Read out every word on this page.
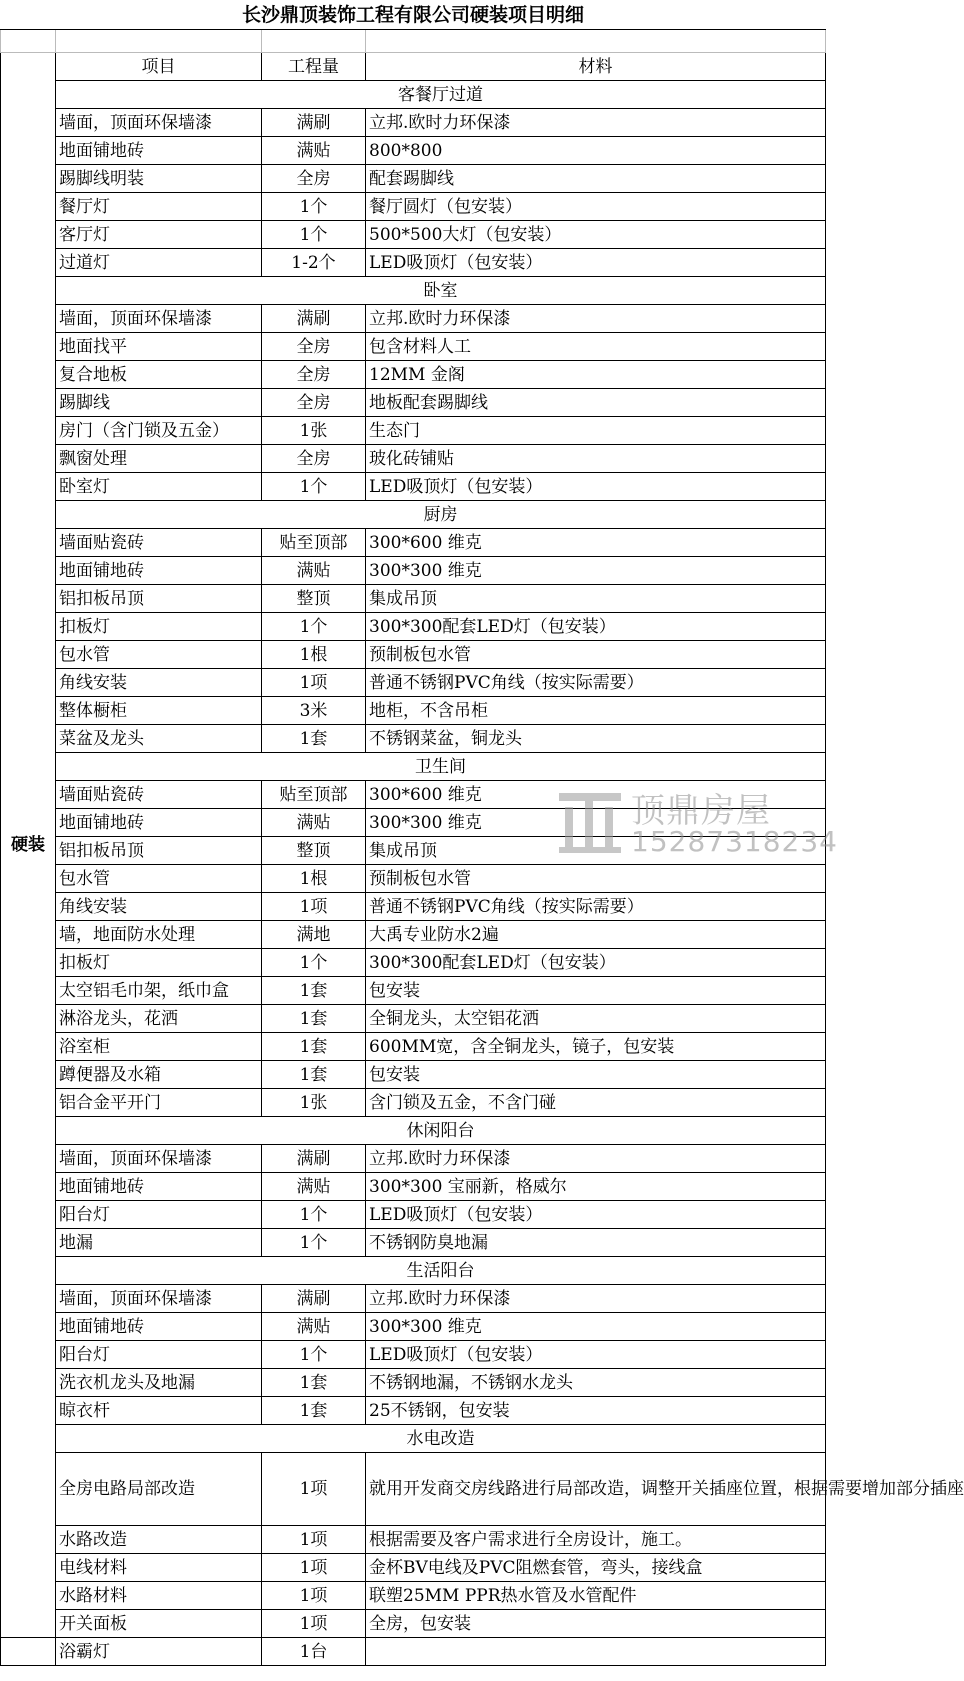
长沙鼎顶装饰工程有限公司硬装项目明细			

硬装	项目	工程量	材料
	客餐厅过道		
	墙面，顶面环保墙漆	满刷	立邦.欧时力环保漆
	地面铺地砖	满贴	800*800
	踢脚线明装	全房	配套踢脚线
	餐厅灯	1个	餐厅圆灯（包安装）
	客厅灯	1个	500*500大灯（包安装）
	过道灯	1-2个	LED吸顶灯（包安装）
	卧室		
	墙面，顶面环保墙漆	满刷	立邦.欧时力环保漆
	地面找平	全房	包含材料人工
	复合地板	全房	12MM 金阁
	踢脚线	全房	地板配套踢脚线
	房门（含门锁及五金）	1张	生态门
	飘窗处理	全房	玻化砖铺贴
	卧室灯	1个	LED吸顶灯（包安装）
	厨房		
	墙面贴瓷砖	贴至顶部	300*600 维克
	地面铺地砖	满贴	300*300 维克
	铝扣板吊顶	整顶	集成吊顶
	扣板灯	1个	300*300配套LED灯（包安装）
	包水管	1根	预制板包水管
	角线安装	1项	普通不锈钢PVC角线（按实际需要）
	整体橱柜	3米	地柜，不含吊柜
	菜盆及龙头	1套	不锈钢菜盆，铜龙头
	卫生间		
	墙面贴瓷砖	贴至顶部	300*600 维克
	地面铺地砖	满贴	300*300 维克
	铝扣板吊顶	整顶	集成吊顶
	包水管	1根	预制板包水管
	角线安装	1项	普通不锈钢PVC角线（按实际需要）
	墙，地面防水处理	满地	大禹专业防水2遍
	扣板灯	1个	300*300配套LED灯（包安装）
	太空铝毛巾架，纸巾盒	1套	包安装
	淋浴龙头，花洒	1套	全铜龙头，太空铝花洒
	浴室柜	1套	600MM宽，含全铜龙头，镜子，包安装
	蹲便器及水箱	1套	包安装
	铝合金平开门	1张	含门锁及五金，不含门碰
	休闲阳台		
	墙面，顶面环保墙漆	满刷	立邦.欧时力环保漆
	地面铺地砖	满贴	300*300 宝丽新，格威尔
	阳台灯	1个	LED吸顶灯（包安装）
	地漏	1个	不锈钢防臭地漏
	生活阳台		
	墙面，顶面环保墙漆	满刷	立邦.欧时力环保漆
	地面铺地砖	满贴	300*300 维克
	阳台灯	1个	LED吸顶灯（包安装）
	洗衣机龙头及地漏	1套	不锈钢地漏，不锈钢水龙头
	晾衣杆	1套	25不锈钢，包安装
	水电改造		
	全房电路局部改造	1项	就用开发商交房线路进行局部改造，调整开关插座位置，根据需要增加部分插座
	水路改造	1项	根据需要及客户需求进行全房设计，施工。
	电线材料	1项	金杯BV电线及PVC阻燃套管，弯头，接线盒
	水路材料	1项	联塑25MM PPR热水管及水管配件
	开关面板	1项	全房，包安装
	浴霸灯	1台	
顶鼎房屋
15287318234
